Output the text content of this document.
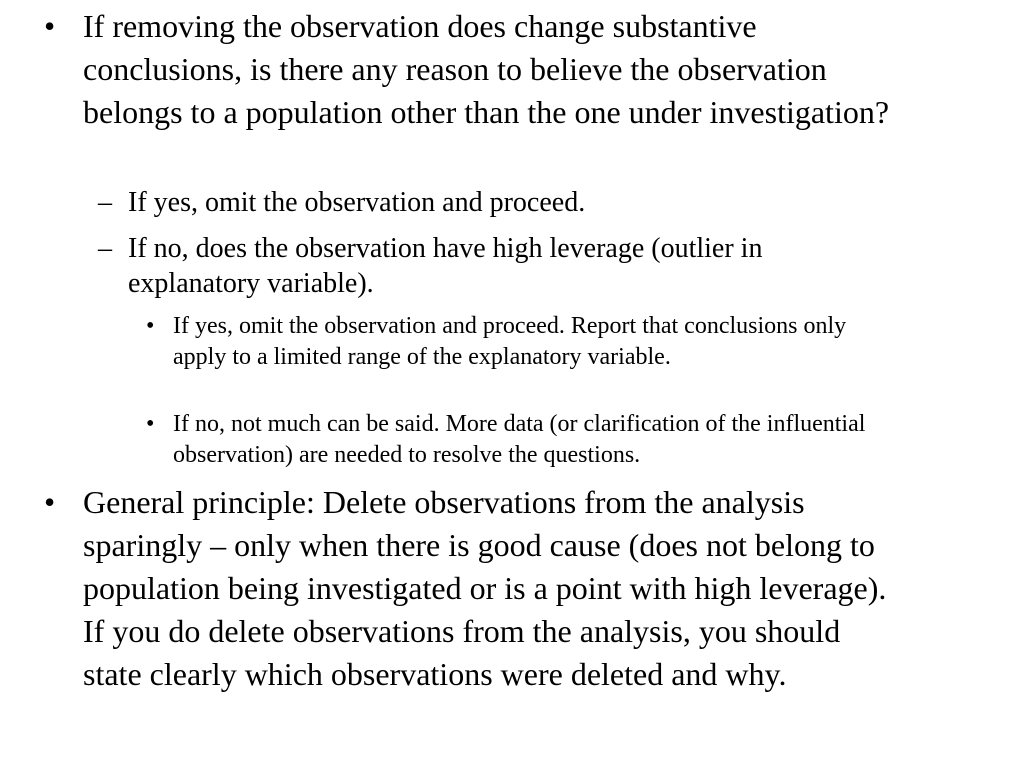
• If removing the observation does change substantive conclusions, is there any reason to believe the observation belongs to a population other than the one under investigation?
– If yes, omit the observation and proceed.
– If no, does the observation have high leverage (outlier in explanatory variable).
• If yes, omit the observation and proceed. Report that conclusions only apply to a limited range of the explanatory variable.
• If no, not much can be said. More data (or clarification of the influential observation) are needed to resolve the questions.
• General principle: Delete observations from the analysis sparingly – only when there is good cause (does not belong to population being investigated or is a point with high leverage). If you do delete observations from the analysis, you should state clearly which observations were deleted and why.
